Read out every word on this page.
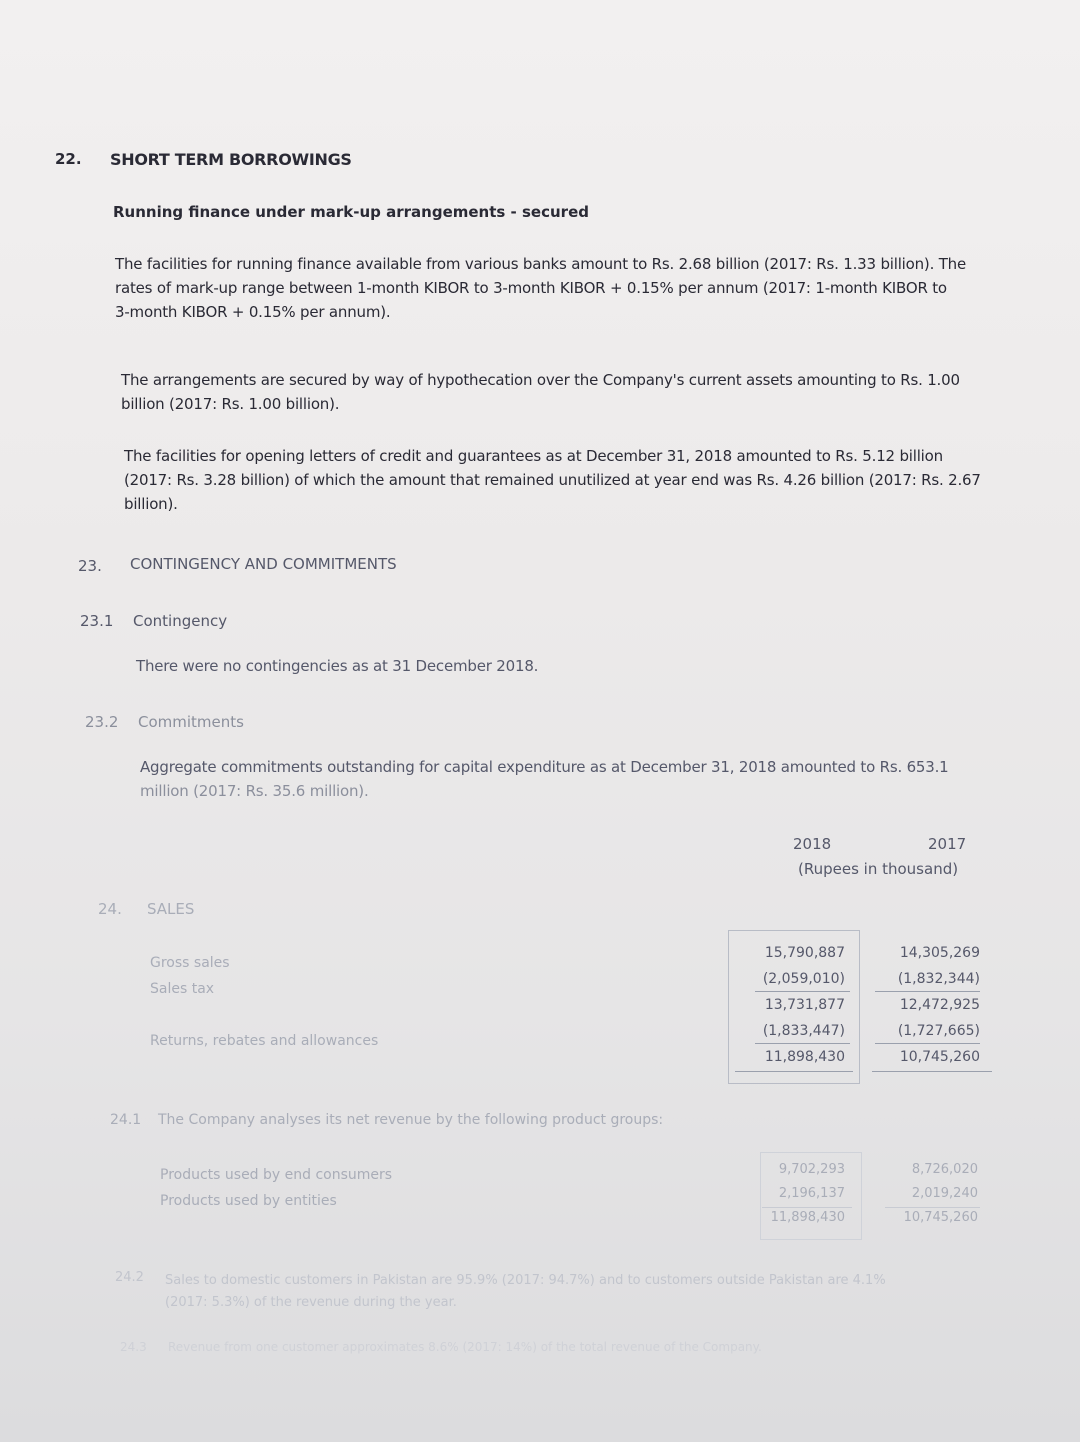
22. SHORT TERM BORROWINGS
Running finance under mark-up arrangements - secured
The facilities for running finance available from various banks amount to Rs. 2.68 billion (2017: Rs. 1.33 billion). The
rates of mark-up range between 1-month KIBOR to 3-month KIBOR + 0.15% per annum (2017: 1-month KIBOR to
3-month KIBOR + 0.15% per annum).
The arrangements are secured by way of hypothecation over the Company's current assets amounting to Rs. 1.00
billion (2017: Rs. 1.00 billion).
The facilities for opening letters of credit and guarantees as at December 31, 2018 amounted to Rs. 5.12 billion
(2017: Rs. 3.28 billion) of which the amount that remained unutilized at year end was Rs. 4.26 billion (2017: Rs. 2.67
billion).
23. CONTINGENCY AND COMMITMENTS
23.1 Contingency
There were no contingencies as at 31 December 2018.
23.2 Commitments
Aggregate commitments outstanding for capital expenditure as at December 31, 2018 amounted to Rs. 653.1
million (2017: Rs. 35.6 million).
2018	2017
(Rupees in thousand)
24. SALES
Gross sales
Sales tax
Returns, rebates and allowances
15,790,887
(2,059,010)
13,731,877
(1,833,447)
11,898,430
14,305,269
(1,832,344)
12,472,925
(1,727,665)
10,745,260
24.1 The Company analyses its net revenue by the following product groups:
Products used by end consumers
Products used by entities
9,702,293
2,196,137
11,898,430
8,726,020
2,019,240
10,745,260
24.2 Sales to domestic customers in Pakistan are 95.9% (2017: 94.7%) and to customers outside Pakistan are 4.1%
(2017: 5.3%) of the revenue during the year.
24.3 Revenue from one customer approximates 8.6% (2017: 14%) of the total revenue of the Company.
